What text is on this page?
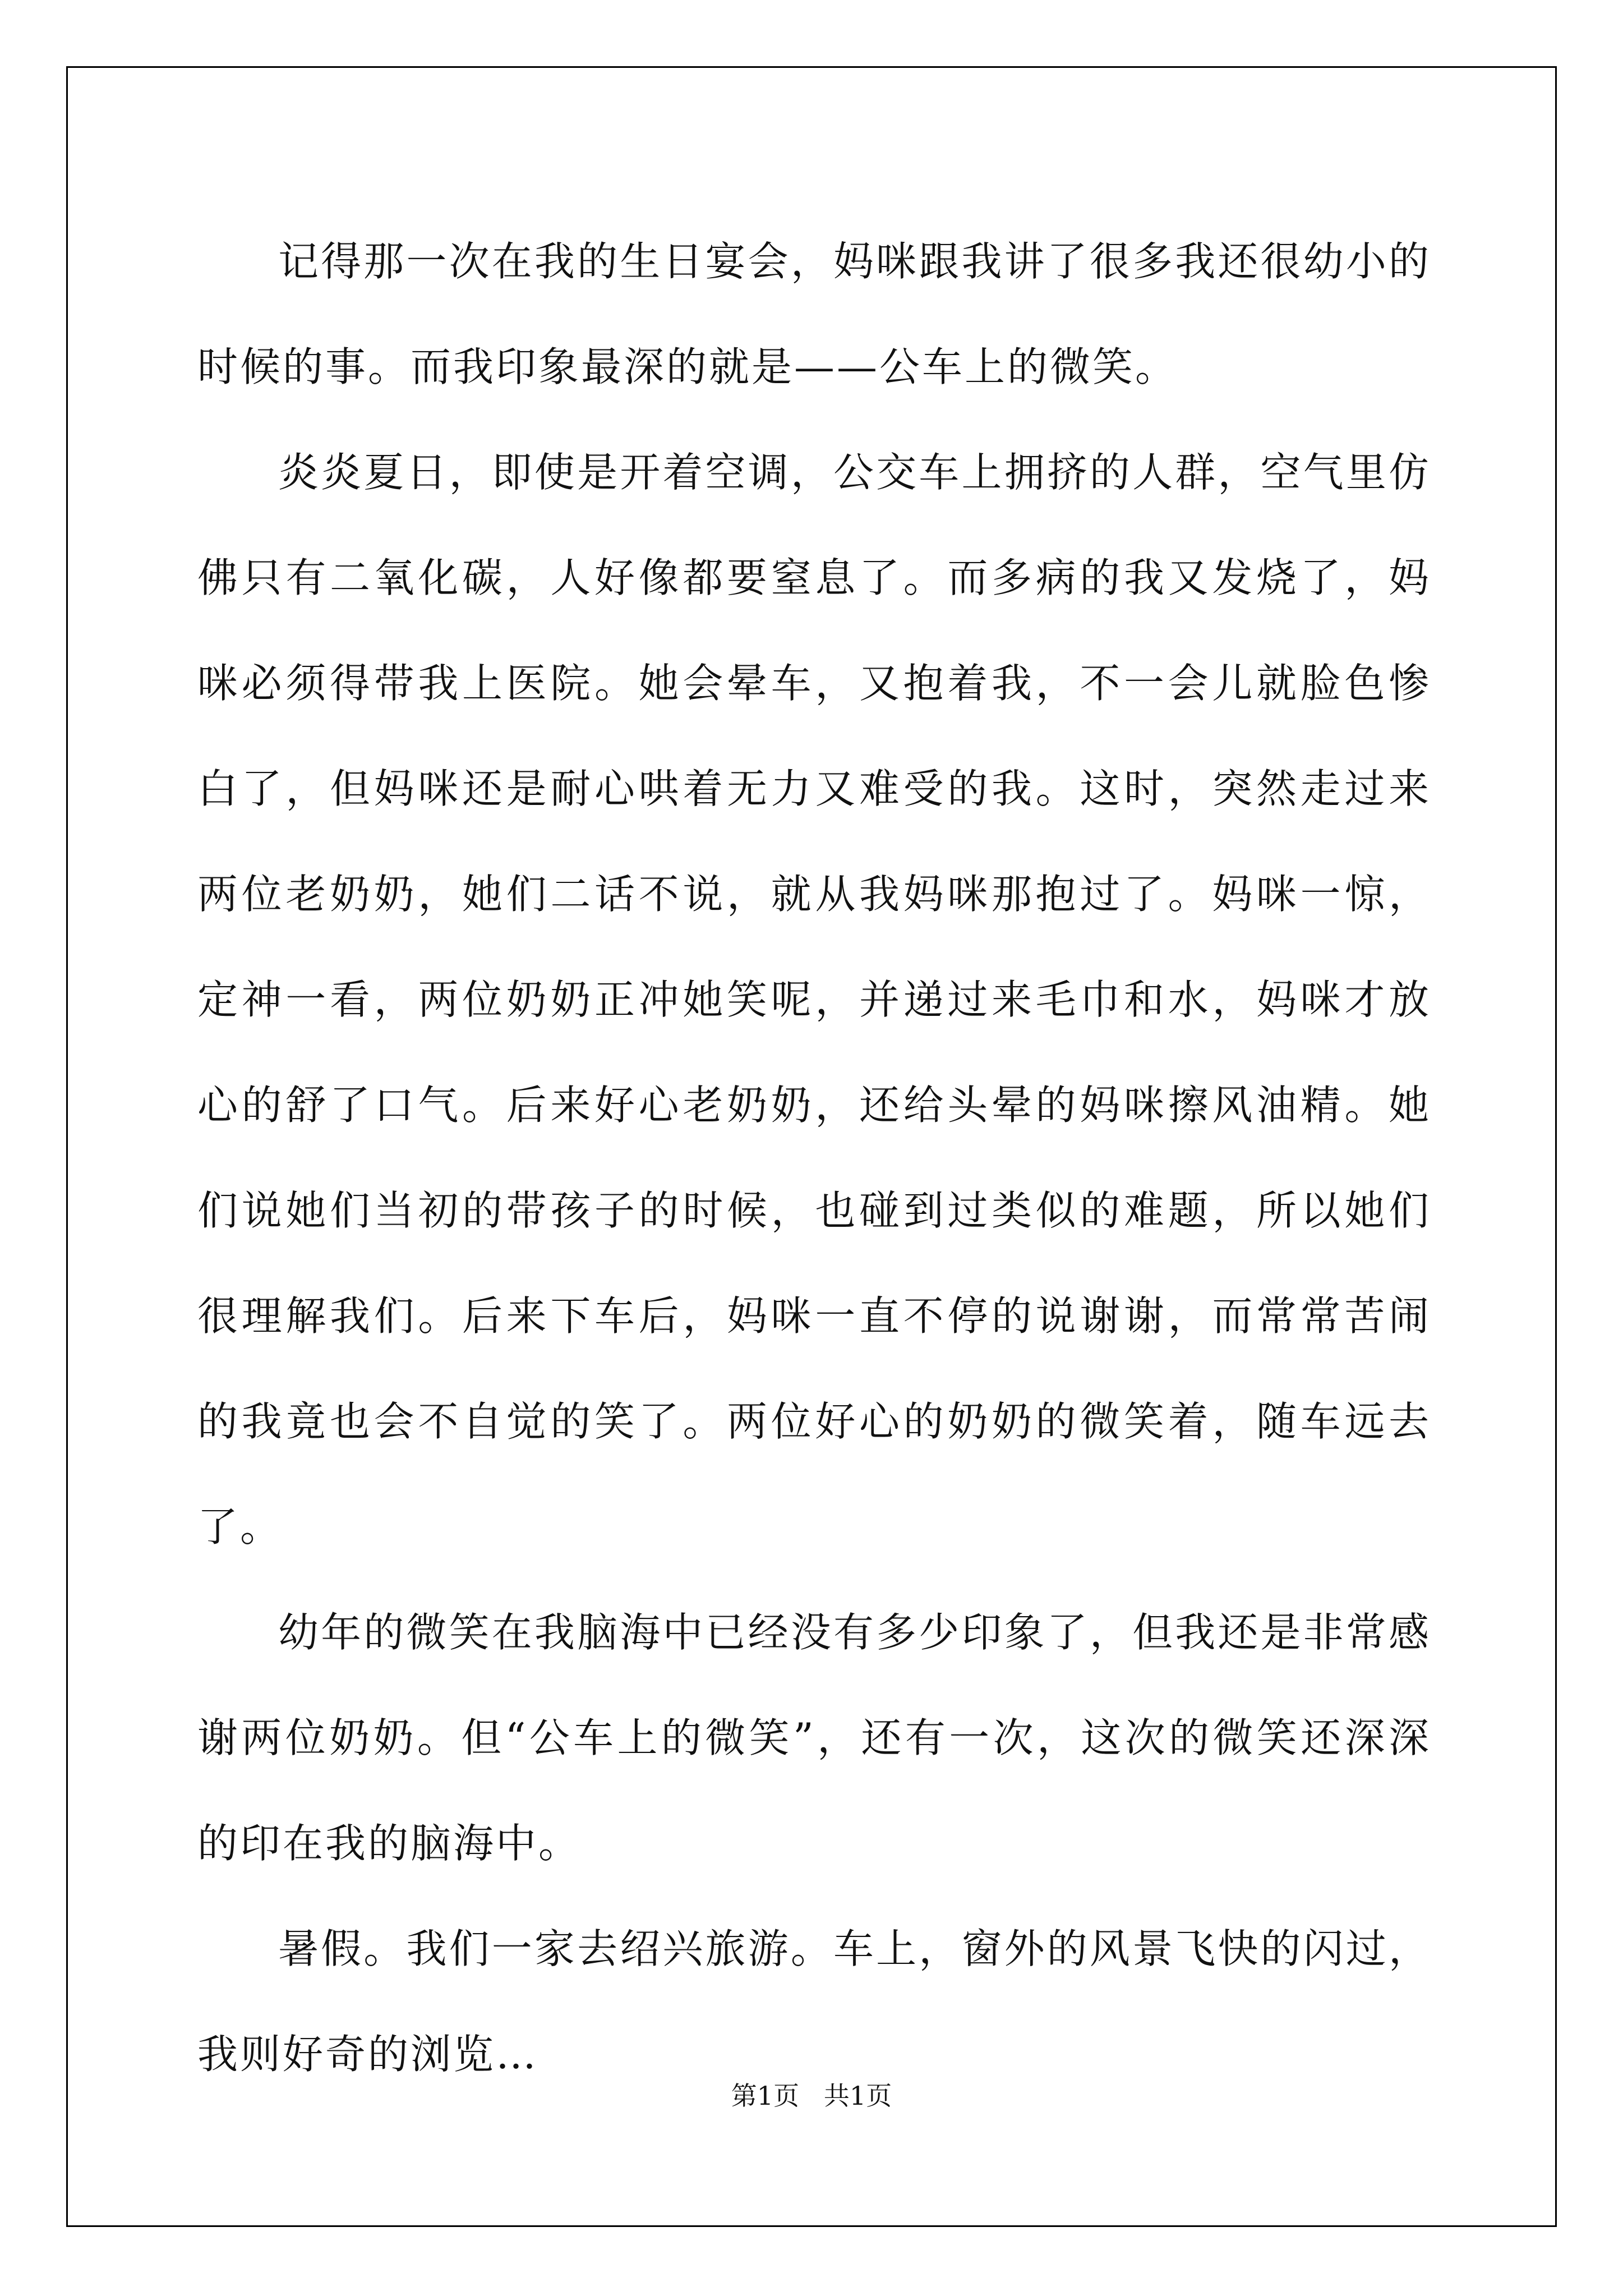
记得那一次在我的生日宴会，妈咪跟我讲了很多我还很幼小的时候的事。而我印象最深的就是——公车上的微笑。

炎炎夏日，即使是开着空调，公交车上拥挤的人群，空气里仿佛只有二氧化碳，人好像都要窒息了。而多病的我又发烧了，妈咪必须得带我上医院。她会晕车，又抱着我，不一会儿就脸色惨白了，但妈咪还是耐心哄着无力又难受的我。这时，突然走过来两位老奶奶，她们二话不说，就从我妈咪那抱过了。妈咪一惊，定神一看，两位奶奶正冲她笑呢，并递过来毛巾和水，妈咪才放心的舒了口气。后来好心老奶奶，还给头晕的妈咪擦风油精。她们说她们当初的带孩子的时候，也碰到过类似的难题，所以她们很理解我们。后来下车后，妈咪一直不停的说谢谢，而常常苦闹的我竟也会不自觉的笑了。两位好心的奶奶的微笑着，随车远去了。

幼年的微笑在我脑海中已经没有多少印象了，但我还是非常感谢两位奶奶。但“公车上的微笑”，还有一次，这次的微笑还深深的印在我的脑海中。

暑假。我们一家去绍兴旅游。车上，窗外的风景飞快的闪过，我则好奇的浏览…

第1页   共1页
